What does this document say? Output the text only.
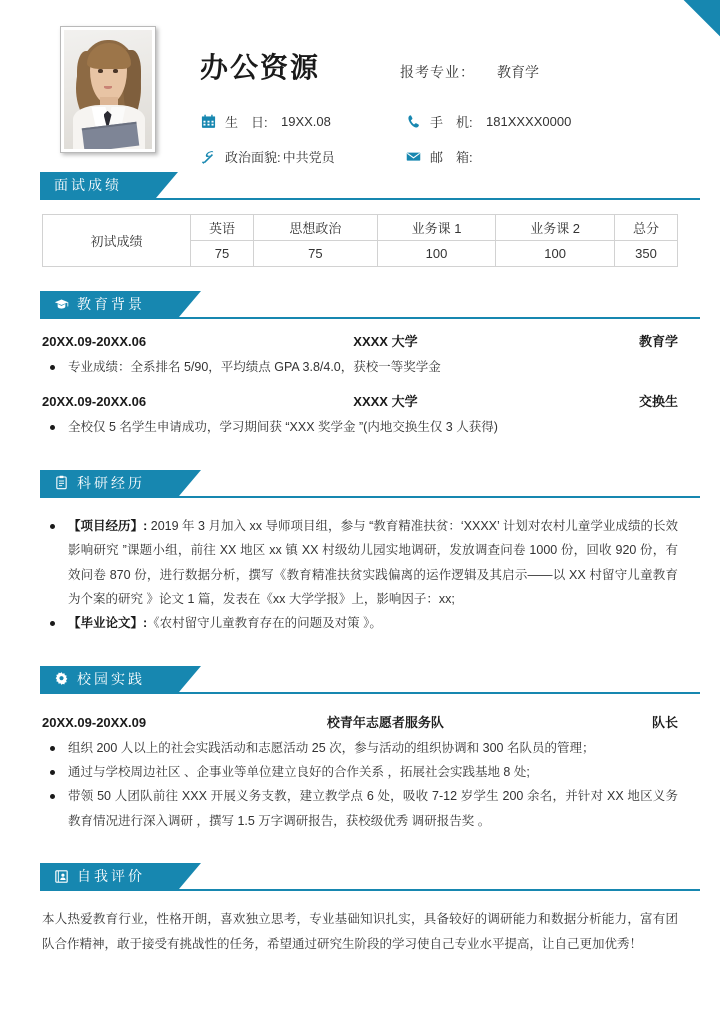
办公资源	报考专业： 教育学
生　日:	19XX.08	手　机:	181XXXX0000
政治面貌: 中共党员	邮　箱:
面试成绩
初试成绩	英语	思想政治	业务课 1	业务课 2	总分
	75	75	100	100	350
教育背景
20XX.09-20XX.06	XXXX 大学	教育学
专业成绩：全系排名 5/90，平均绩点 GPA 3.8/4.0，获校一等奖学金
20XX.09-20XX.06	XXXX 大学	交换生
全校仅 5 名学生申请成功，学习期间获 “XXX 奖学金 ”(内地交换生仅 3 人获得)
科研经历
【项目经历】: 2019 年 3 月加入 xx 导师项目组，参与 “教育精准扶贫：‘XXXX’ 计划对农村儿童学业成绩的长效影响研究 ”课题小组，前往 XX 地区 xx 镇 XX 村级幼儿园实地调研，发放调查问卷 1000 份，回收 920 份，有效问卷 870 份，进行数据分析，撰写《教育精准扶贫实践偏离的运作逻辑及其启示——以 XX 村留守儿童教育为个案的研究 》论文 1 篇，发表在《xx 大学学报》上，影响因子：xx;
【毕业论文】:《农村留守儿童教育存在的问题及对策 》。
校园实践
20XX.09-20XX.09	校青年志愿者服务队	队长
组织 200 人以上的社会实践活动和志愿活动 25 次，参与活动的组织协调和 300 名队员的管理；
通过与学校周边社区 、企事业等单位建立良好的合作关系 ，拓展社会实践基地 8 处;
带领 50 人团队前往 XXX 开展义务支教，建立教学点 6 处，吸收 7-12 岁学生 200 余名，并针对 XX 地区义务教育情况进行深入调研 ，撰写 1.5 万字调研报告，获校级优秀 调研报告奖 。
自我评价
本人热爱教育行业，性格开朗，喜欢独立思考，专业基础知识扎实，具备较好的调研能力和数据分析能力，富有团队合作精神，敢于接受有挑战性的任务，希望通过研究生阶段的学习使自己专业水平提高，让自己更加优秀！
